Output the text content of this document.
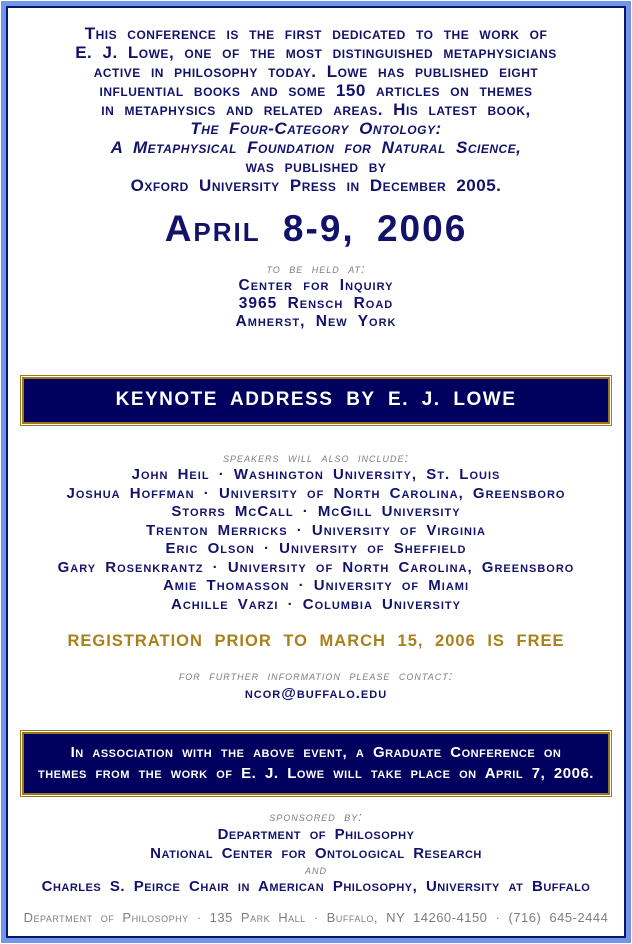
This conference is the first dedicated to the work of
E. J. Lowe, one of the most distinguished metaphysicians
active in philosophy today. Lowe has published eight
influential books and some 150 articles on themes
in metaphysics and related areas. His latest book,
The Four-Category Ontology:
A Metaphysical Foundation for Natural Science,
was published by
Oxford University Press in December 2005.
April 8-9, 2006
to be held at:
Center for Inquiry
3965 Rensch Road
Amherst, New York
KEYNOTE ADDRESS BY E. J. LOWE
speakers will also include:
John Heil · Washington University, St. Louis
Joshua Hoffman · University of North Carolina, Greensboro
Storrs McCall · McGill University
Trenton Merricks · University of Virginia
Eric Olson · University of Sheffield
Gary Rosenkrantz · University of North Carolina, Greensboro
Amie Thomasson · University of Miami
Achille Varzi · Columbia University
REGISTRATION PRIOR TO MARCH 15, 2006 IS FREE
for further information please contact:
ncor@buffalo.edu
In association with the above event, a Graduate Conference on
themes from the work of E. J. Lowe will take place on April 7, 2006.
sponsored by:
Department of Philosophy
National Center for Ontological Research
and
Charles S. Peirce Chair in American Philosophy, University at Buffalo
Department of Philosophy · 135 Park Hall · Buffalo, NY 14260-4150 · (716) 645-2444
